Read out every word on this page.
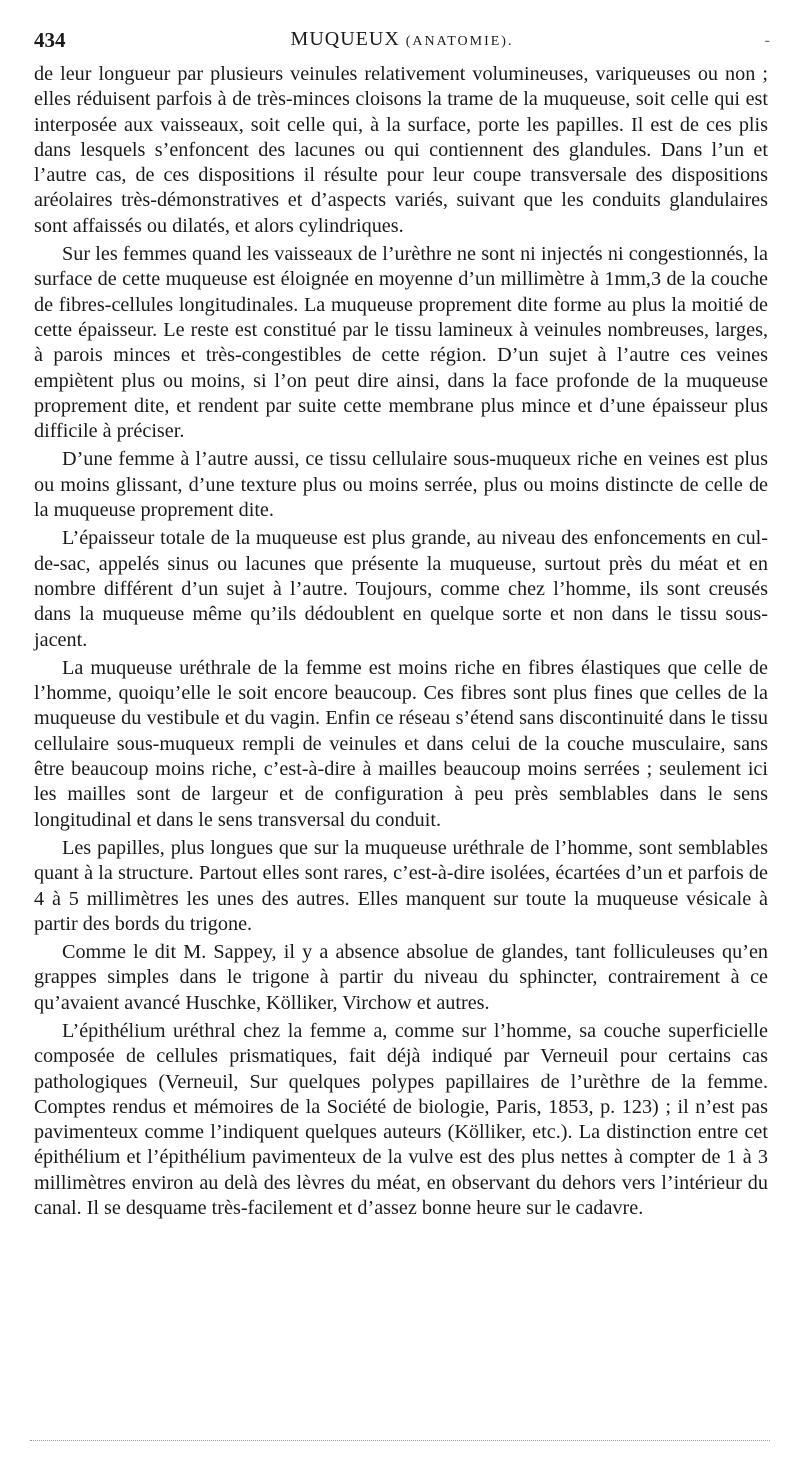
434	MUQUEUX (ANATOMIE).	-

de leur longueur par plusieurs veinules relativement volumineuses, variqueuses ou non ; elles réduisent parfois à de très-minces cloisons la trame de la muqueuse, soit celle qui est interposée aux vaisseaux, soit celle qui, à la surface, porte les papilles. Il est de ces plis dans lesquels s’enfoncent des lacunes ou qui contiennent des glandules. Dans l’un et l’autre cas, de ces dispositions il résulte pour leur coupe transversale des dispositions aréolaires très-démonstratives et d’aspects variés, suivant que les conduits glandulaires sont affaissés ou dilatés, et alors cylindriques.

Sur les femmes quand les vaisseaux de l’urèthre ne sont ni injectés ni congestionnés, la surface de cette muqueuse est éloignée en moyenne d’un millimètre à 1mm,3 de la couche de fibres-cellules longitudinales. La muqueuse proprement dite forme au plus la moitié de cette épaisseur. Le reste est constitué par le tissu lamineux à veinules nombreuses, larges, à parois minces et très-congestibles de cette région. D’un sujet à l’autre ces veines empiètent plus ou moins, si l’on peut dire ainsi, dans la face profonde de la muqueuse proprement dite, et rendent par suite cette membrane plus mince et d’une épaisseur plus difficile à préciser.

D’une femme à l’autre aussi, ce tissu cellulaire sous-muqueux riche en veines est plus ou moins glissant, d’une texture plus ou moins serrée, plus ou moins distincte de celle de la muqueuse proprement dite.

L’épaisseur totale de la muqueuse est plus grande, au niveau des enfoncements en cul-de-sac, appelés sinus ou lacunes que présente la muqueuse, surtout près du méat et en nombre différent d’un sujet à l’autre. Toujours, comme chez l’homme, ils sont creusés dans la muqueuse même qu’ils dédoublent en quelque sorte et non dans le tissu sous-jacent.

La muqueuse uréthrale de la femme est moins riche en fibres élastiques que celle de l’homme, quoiqu’elle le soit encore beaucoup. Ces fibres sont plus fines que celles de la muqueuse du vestibule et du vagin. Enfin ce réseau s’étend sans discontinuité dans le tissu cellulaire sous-muqueux rempli de veinules et dans celui de la couche musculaire, sans être beaucoup moins riche, c’est-à-dire à mailles beaucoup moins serrées ; seulement ici les mailles sont de largeur et de configuration à peu près semblables dans le sens longitudinal et dans le sens transversal du conduit.

Les papilles, plus longues que sur la muqueuse uréthrale de l’homme, sont semblables quant à la structure. Partout elles sont rares, c’est-à-dire isolées, écartées d’un et parfois de 4 à 5 millimètres les unes des autres. Elles manquent sur toute la muqueuse vésicale à partir des bords du trigone.

Comme le dit M. Sappey, il y a absence absolue de glandes, tant folliculeuses qu’en grappes simples dans le trigone à partir du niveau du sphincter, contrairement à ce qu’avaient avancé Huschke, Kölliker, Virchow et autres.

L’épithélium uréthral chez la femme a, comme sur l’homme, sa couche superficielle composée de cellules prismatiques, fait déjà indiqué par Verneuil pour certains cas pathologiques (Verneuil, Sur quelques polypes papillaires de l’urèthre de la femme. Comptes rendus et mémoires de la Société de biologie, Paris, 1853, p. 123) ; il n’est pas pavimenteux comme l’indiquent quelques auteurs (Kölliker, etc.). La distinction entre cet épithélium et l’épithélium pavimenteux de la vulve est des plus nettes à compter de 1 à 3 millimètres environ au delà des lèvres du méat, en observant du dehors vers l’intérieur du canal. Il se desquame très-facilement et d’assez bonne heure sur le cadavre.
